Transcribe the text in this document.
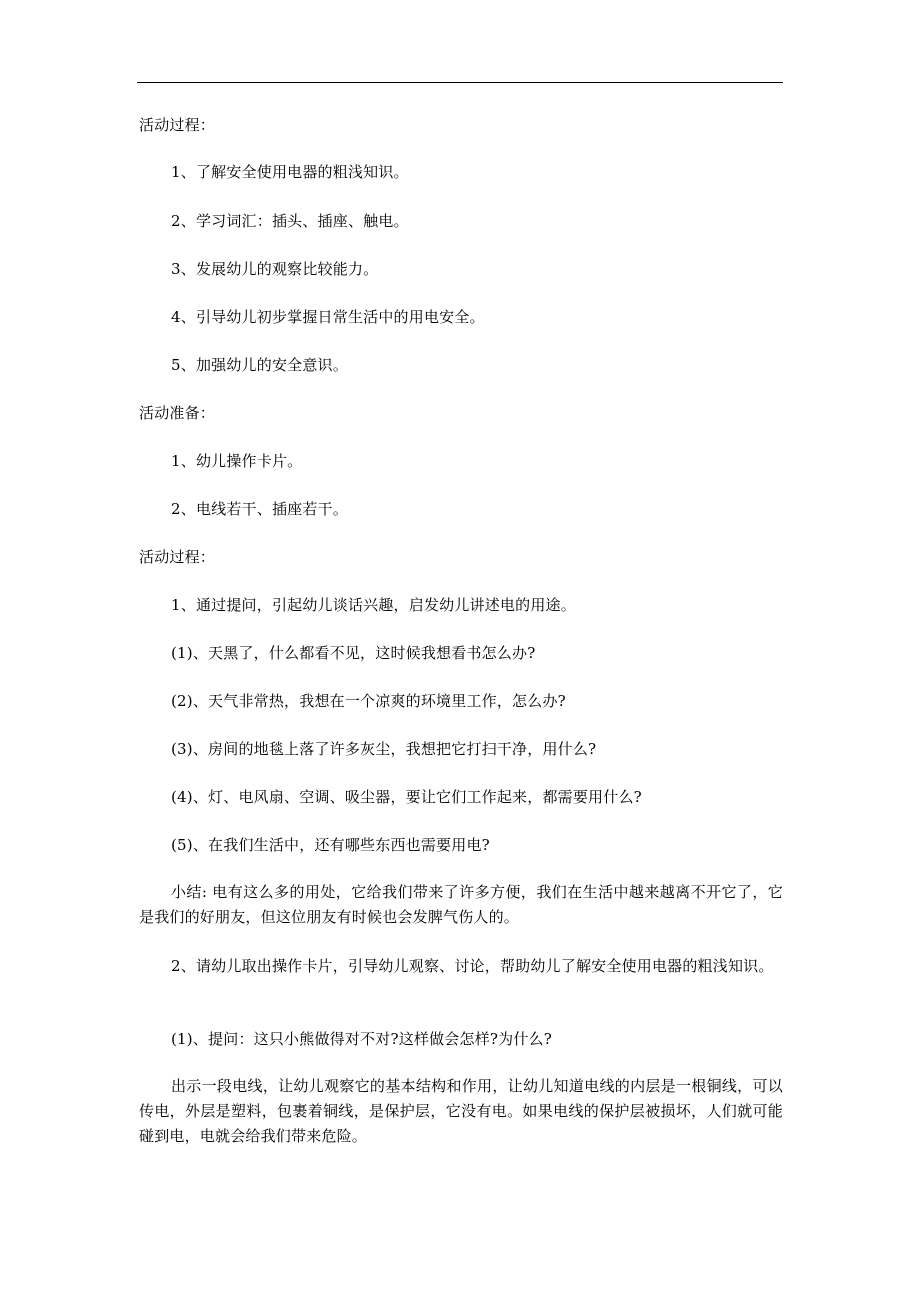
活动过程：
1、了解安全使用电器的粗浅知识。
2、学习词汇：插头、插座、触电。
3、发展幼儿的观察比较能力。
4、引导幼儿初步掌握日常生活中的用电安全。
5、加强幼儿的安全意识。
活动准备：
1、幼儿操作卡片。
2、电线若干、插座若干。
活动过程：
1、通过提问，引起幼儿谈话兴趣，启发幼儿讲述电的用途。
(1)、天黑了，什么都看不见，这时候我想看书怎么办?
(2)、天气非常热，我想在一个凉爽的环境里工作，怎么办?
(3)、房间的地毯上落了许多灰尘，我想把它打扫干净，用什么?
(4)、灯、电风扇、空调、吸尘器，要让它们工作起来，都需要用什么?
(5)、在我们生活中，还有哪些东西也需要用电?
小结: 电有这么多的用处，它给我们带来了许多方便，我们在生活中越来越离不开它了，它是我们的好朋友，但这位朋友有时候也会发脾气伤人的。
2、请幼儿取出操作卡片，引导幼儿观察、讨论，帮助幼儿了解安全使用电器的粗浅知识。
(1)、提问：这只小熊做得对不对?这样做会怎样?为什么?
出示一段电线，让幼儿观察它的基本结构和作用，让幼儿知道电线的内层是一根铜线，可以传电，外层是塑料，包裹着铜线，是保护层，它没有电。如果电线的保护层被损坏，人们就可能碰到电，电就会给我们带来危险。
